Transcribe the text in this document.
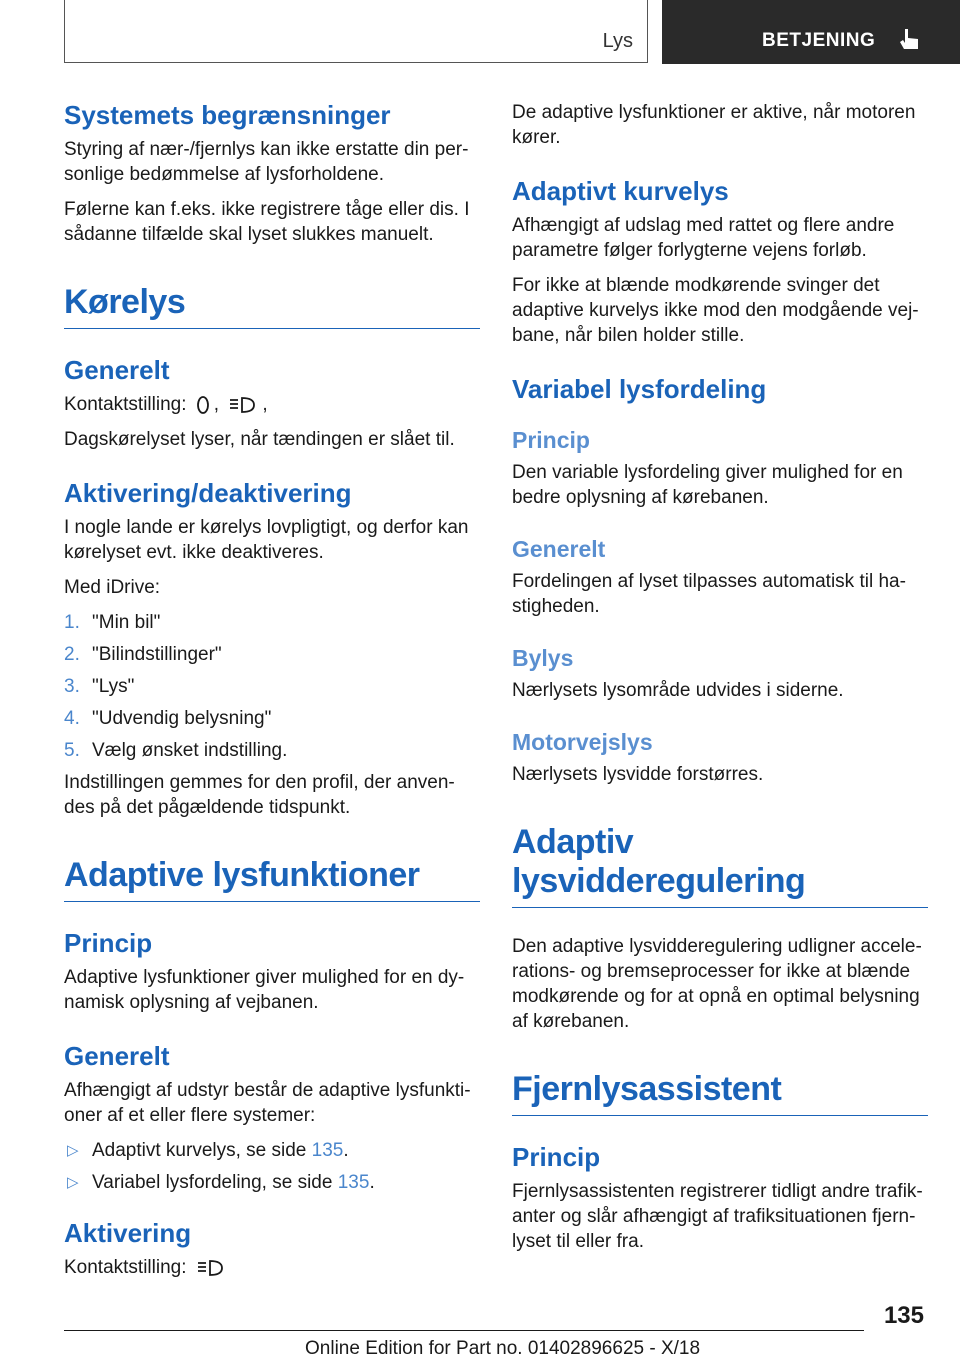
Lys	BETJENING
Systemets begrænsninger

Styring af nær-/fjernlys kan ikke erstatte din per-sonlige bedømmelse af lysforholdene.

Følerne kan f.eks. ikke registrere tåge eller dis. I sådanne tilfælde skal lyset slukkes manuelt.

Kørelys
Generelt

Kontaktstilling: , ,

Dagskørelyset lyser, når tændingen er slået til.

Aktivering/deaktivering

I nogle lande er kørelys lovpligtigt, og derfor kan kørelyset evt. ikke deaktiveres.

Med iDrive:

1. "Min bil"
2. "Bilindstillinger"
3. "Lys"
4. "Udvendig belysning"
5. Vælg ønsket indstilling.

Indstillingen gemmes for den profil, der anven-des på det pågældende tidspunkt.

Adaptive lysfunktioner
Princip

Adaptive lysfunktioner giver mulighed for en dy-namisk oplysning af vejbanen.

Generelt

Afhængigt af udstyr består de adaptive lysfunkti-oner af et eller flere systemer:

▷ Adaptivt kurvelys, se side 135.
▷ Variabel lysfordeling, se side 135.
Aktivering

Kontaktstilling:

De adaptive lysfunktioner er aktive, når motoren kører.

Adaptivt kurvelys

Afhængigt af udslag med rattet og flere andre parametre følger forlygterne vejens forløb.

For ikke at blænde modkørende svinger det adaptive kurvelys ikke mod den modgående vej-bane, når bilen holder stille.

Variabel lysfordeling
Princip

Den variable lysfordeling giver mulighed for en bedre oplysning af kørebanen.

Generelt

Fordelingen af lyset tilpasses automatisk til ha-stigheden.

Bylys

Nærlysets lysområde udvides i siderne.

Motorvejslys

Nærlysets lysvidde forstørres.

Adaptiv lysvidderegulering

Den adaptive lysvidderegulering udligner accele-rations- og bremseprocesser for ikke at blænde modkørende og for at opnå en optimal belysning af kørebanen.

Fjernlysassistent
Princip

Fjernlysassistenten registrerer tidligt andre trafik-anter og slår afhængigt af trafiksituationen fjern-lyset til eller fra.

135
Online Edition for Part no. 01402896625 - X/18
